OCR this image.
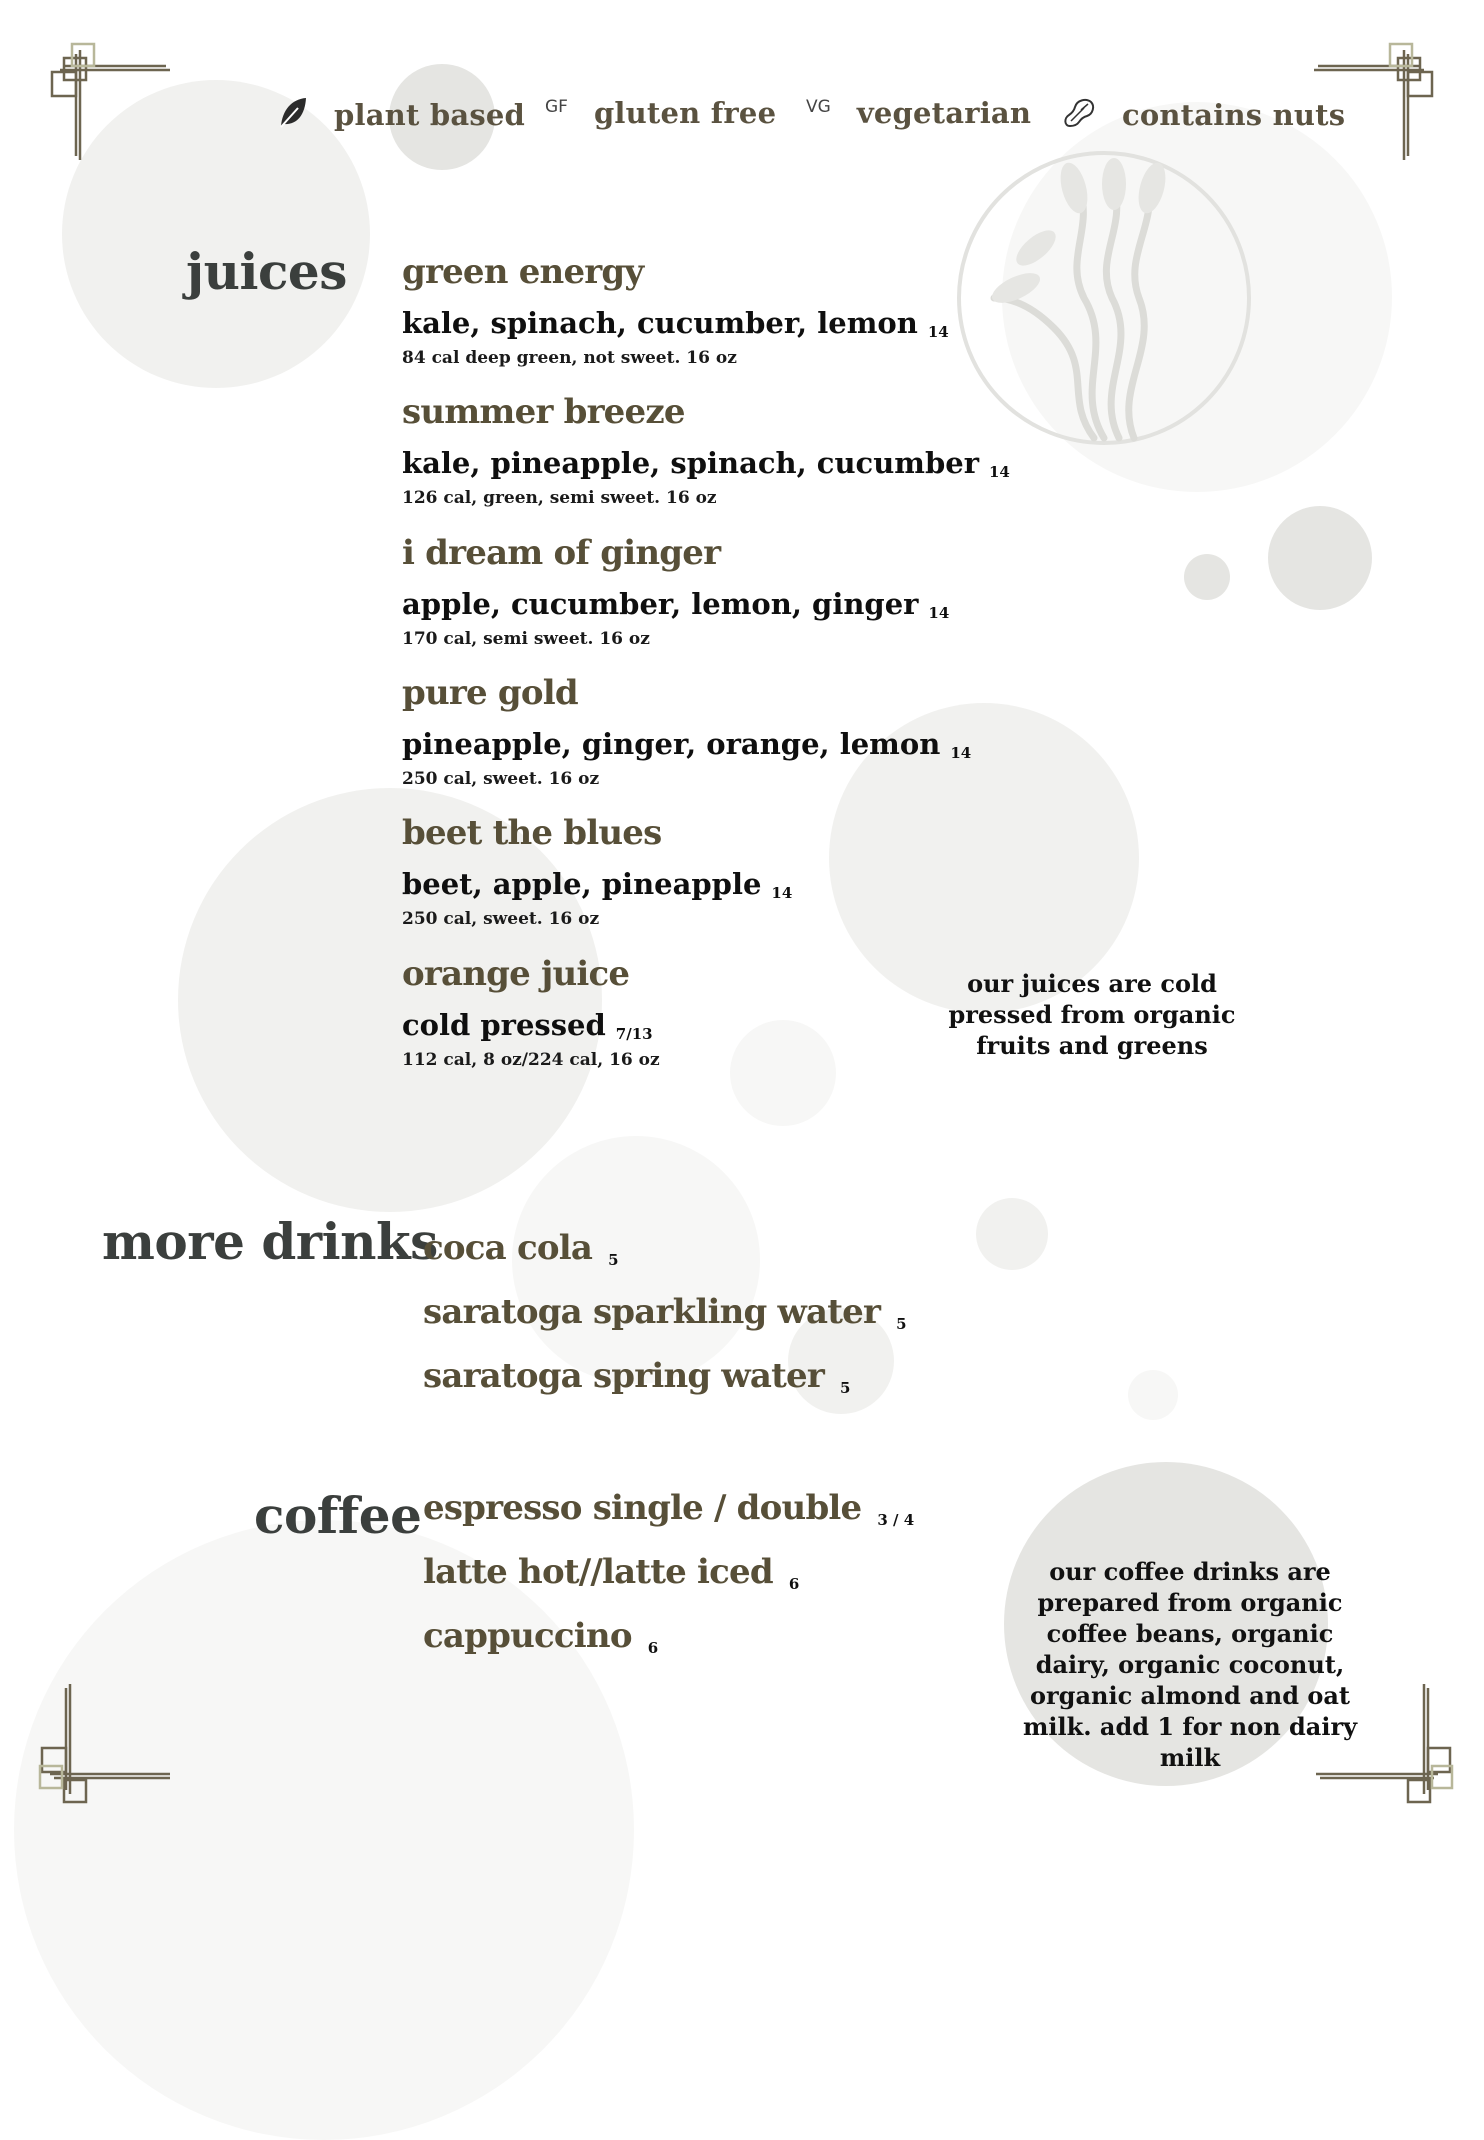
plant based GF gluten free VG vegetarian	contains nuts
juices green energy
kale, spinach, cucumber, lemon 14
84 cal deep green, not sweet. 16 oz
summer breeze
kale, pineapple, spinach, cucumber 14
126 cal, green, semi sweet. 16 oz
i dream of ginger
apple, cucumber, lemon, ginger 14
170 cal, semi sweet. 16 oz
pure gold
pineapple, ginger, orange, lemon 14
250 cal, sweet. 16 oz
beet the blues
beet, apple, pineapple 14
250 cal, sweet. 16 oz
orange juice
cold pressed 7/13
112 cal, 8 oz/224 cal, 16 oz
our juices are cold pressed from organic fruits and greens
more drinks
coca cola 5
saratoga sparkling water 5
saratoga spring water 5
coffee espresso single / double 3 / 4
latte hot//latte iced 6
cappuccino 6
our coffee drinks are prepared from organic coffee beans, organic dairy, organic coconut, organic almond and oat milk. add 1 for non dairy milk
